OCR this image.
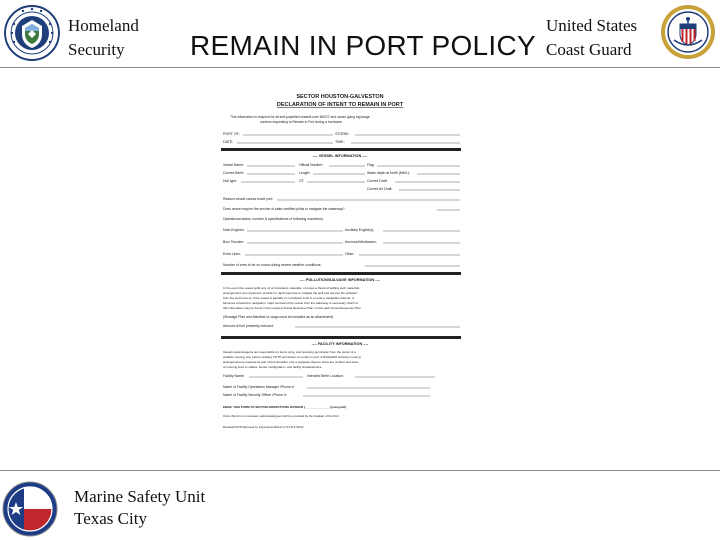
Homeland
Security REMAIN IN PORT POLICY
United States
Coast Guard
SECTOR HOUSTON-GALVESTON
DECLARATION OF INTENT TO REMAIN IN PORT
This information is required for all self-propelled vessels over 500GT and ocean going tug barge
combos requesting to Remain in Port during a hurricane.
PORT OF:	STORM:
DATE:	TIME:
---- VESSEL INFORMATION ----
Vessel Name:	Official Number:	Flag:
Current Berth:	Length:	Water depth at berth (MWL):
Hull type:	GT:	Current Draft:
Current Air Draft:
Reason vessel cannot leave port:
Does vessel require the service of state-certified pilots to navigate the waterway?
Operational status, number & specifications of following machinery:
Main Engines:	Auxiliary Engine(s):
Bow Thruster:	Anchors/Windlasses:
Extra Lines:	Other:
Number of crew to be on board during severe weather conditions:
---- POLLUTION/SALVAGE INFORMATION ----
In the event the vessel spills any oil or hazardous materials, or poses a threat of spilling such materials,
arrangements are required to provide for rapid response to mitigate the spill and remove the pollutant
from the environment. If the vessel is partially or completely sunk in or near a navigable channel, or
becomes a hazard to navigation, rapid removal of the vessel from the waterway is necessary. Much of
this information may be found in the required Vessel Response Plan or Non-tank Vessel Response Plan.
(Stowage Plan and Manifest of cargo must be included as an attachment)
Amount of fuel presently onboard:
---- FACILITY INFORMATION ----
Vessel masters/agents are responsible for storm tying, and receiving permission from the owner of a
suitable mooring site, before seeking COTP permission to remain in port. A DIAGRAM showing mooring
arrangements is required as part of this checklist. Use a separate sheet to show the number and sizes
of mooring lines or cables, fender configuration, and facility characteristics.
Facility Name:	Intended Berth Location:
Name of Facility Operations Manager /Phone #:
Name of Facility Security Officer /Phone #:
EMAIL THIS FORM TO SECTOR INSPECTIONS DIVISION (_______________@uscg.mil)
Once this form is reviewed, acknowledgment will be provided by the Captain of the Port.
Revised/COTP Approved by Inspections Division (713-671-5164)
Marine Safety Unit
Texas City
